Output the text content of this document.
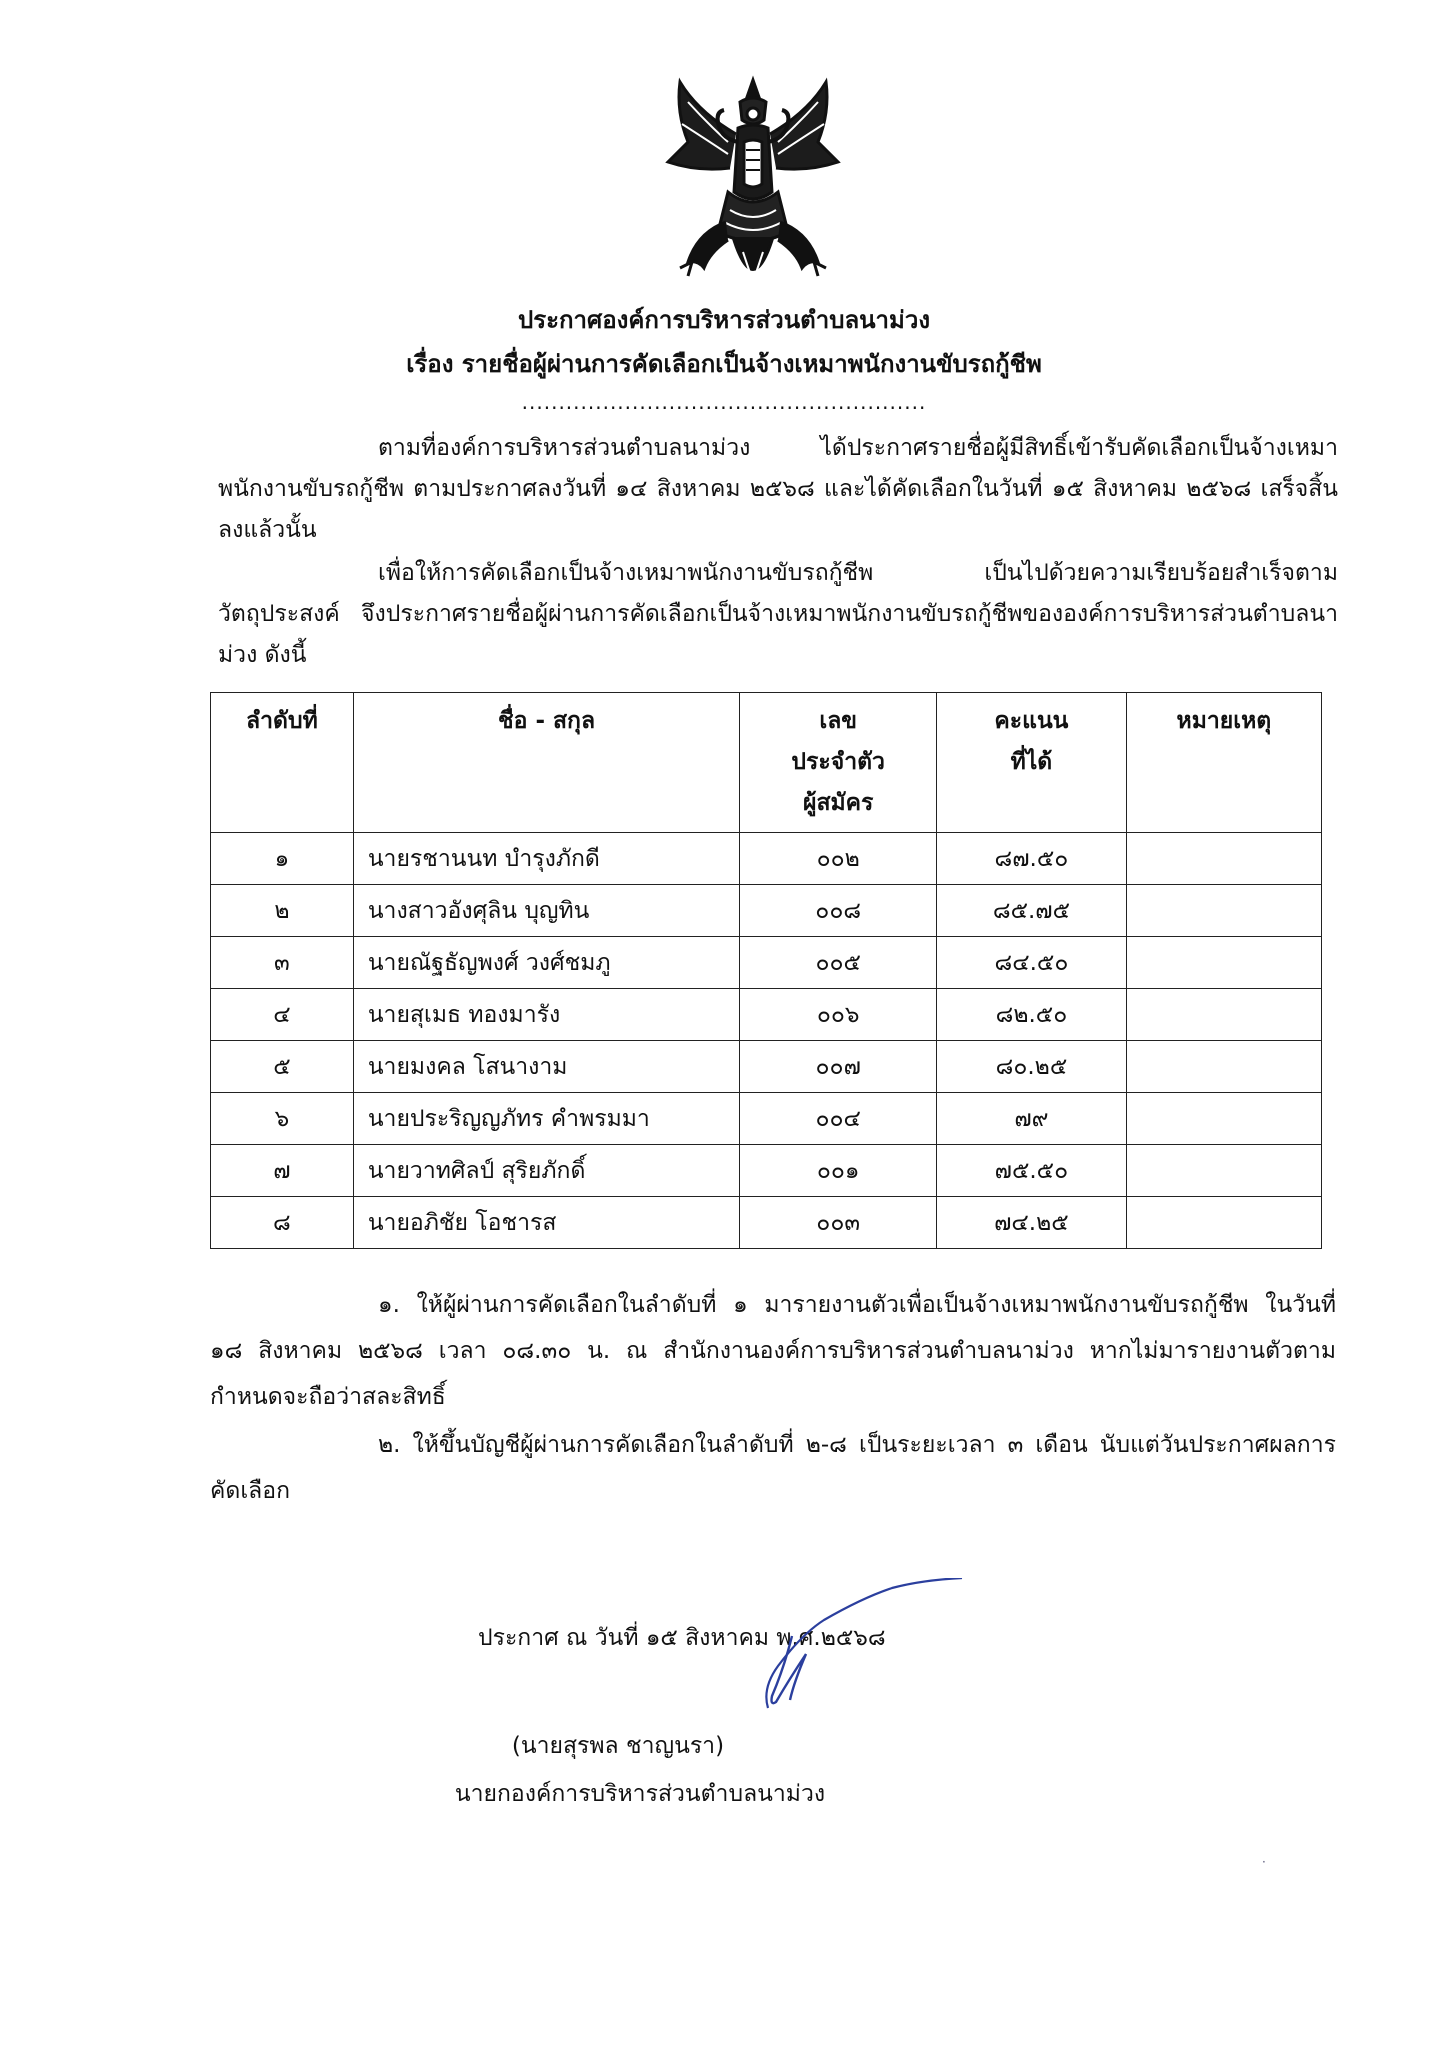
ประกาศองค์การบริหารส่วนตำบลนาม่วง
เรื่อง รายชื่อผู้ผ่านการคัดเลือกเป็นจ้างเหมาพนักงานขับรถกู้ชีพ
.......................................................

ตามที่องค์การบริหารส่วนตำบลนาม่วง ได้ประกาศรายชื่อผู้มีสิทธิ์เข้ารับคัดเลือกเป็นจ้างเหมาพนักงานขับรถกู้ชีพ ตามประกาศลงวันที่ ๑๔ สิงหาคม ๒๕๖๘ และได้คัดเลือกในวันที่ ๑๕ สิงหาคม ๒๕๖๘ เสร็จสิ้นลงแล้วนั้น

เพื่อให้การคัดเลือกเป็นจ้างเหมาพนักงานขับรถกู้ชีพ เป็นไปด้วยความเรียบร้อยสำเร็จตามวัตถุประสงค์ จึงประกาศรายชื่อผู้ผ่านการคัดเลือกเป็นจ้างเหมาพนักงานขับรถกู้ชีพขององค์การบริหารส่วนตำบลนาม่วง ดังนี้

ลำดับที่	ชื่อ - สกุล	เลข ประจำตัว ผู้สมัคร	คะแนน ที่ได้	หมายเหตุ
๑	นายรชานนท บำรุงภักดี	๐๐๒	๘๗.๕๐	
๒	นางสาวอังศุลิน บุญทิน	๐๐๘	๘๕.๗๕	
๓	นายณัฐธัญพงศ์ วงศ์ชมภู	๐๐๕	๘๔.๕๐	
๔	นายสุเมธ ทองมารัง	๐๐๖	๘๒.๕๐	
๕	นายมงคล โสนางาม	๐๐๗	๘๐.๒๕	
๖	นายประริญญภัทร คำพรมมา	๐๐๔	๗๙	
๗	นายวาทศิลป์ สุริยภักดิ์	๐๐๑	๗๕.๕๐	
๘	นายอภิชัย โอชารส	๐๐๓	๗๔.๒๕	

๑. ให้ผู้ผ่านการคัดเลือกในลำดับที่ ๑ มารายงานตัวเพื่อเป็นจ้างเหมาพนักงานขับรถกู้ชีพ ในวันที่ ๑๘ สิงหาคม ๒๕๖๘ เวลา ๐๘.๓๐ น. ณ สำนักงานองค์การบริหารส่วนตำบลนาม่วง หากไม่มารายงานตัวตามกำหนดจะถือว่าสละสิทธิ์

๒. ให้ขึ้นบัญชีผู้ผ่านการคัดเลือกในลำดับที่ ๒-๘ เป็นระยะเวลา ๓ เดือน นับแต่วันประกาศผลการคัดเลือก

ประกาศ ณ วันที่ ๑๕ สิงหาคม พ.ศ.๒๕๖๘
(นายสุรพล ชาญนรา)
นายกองค์การบริหารส่วนตำบลนาม่วง
·
